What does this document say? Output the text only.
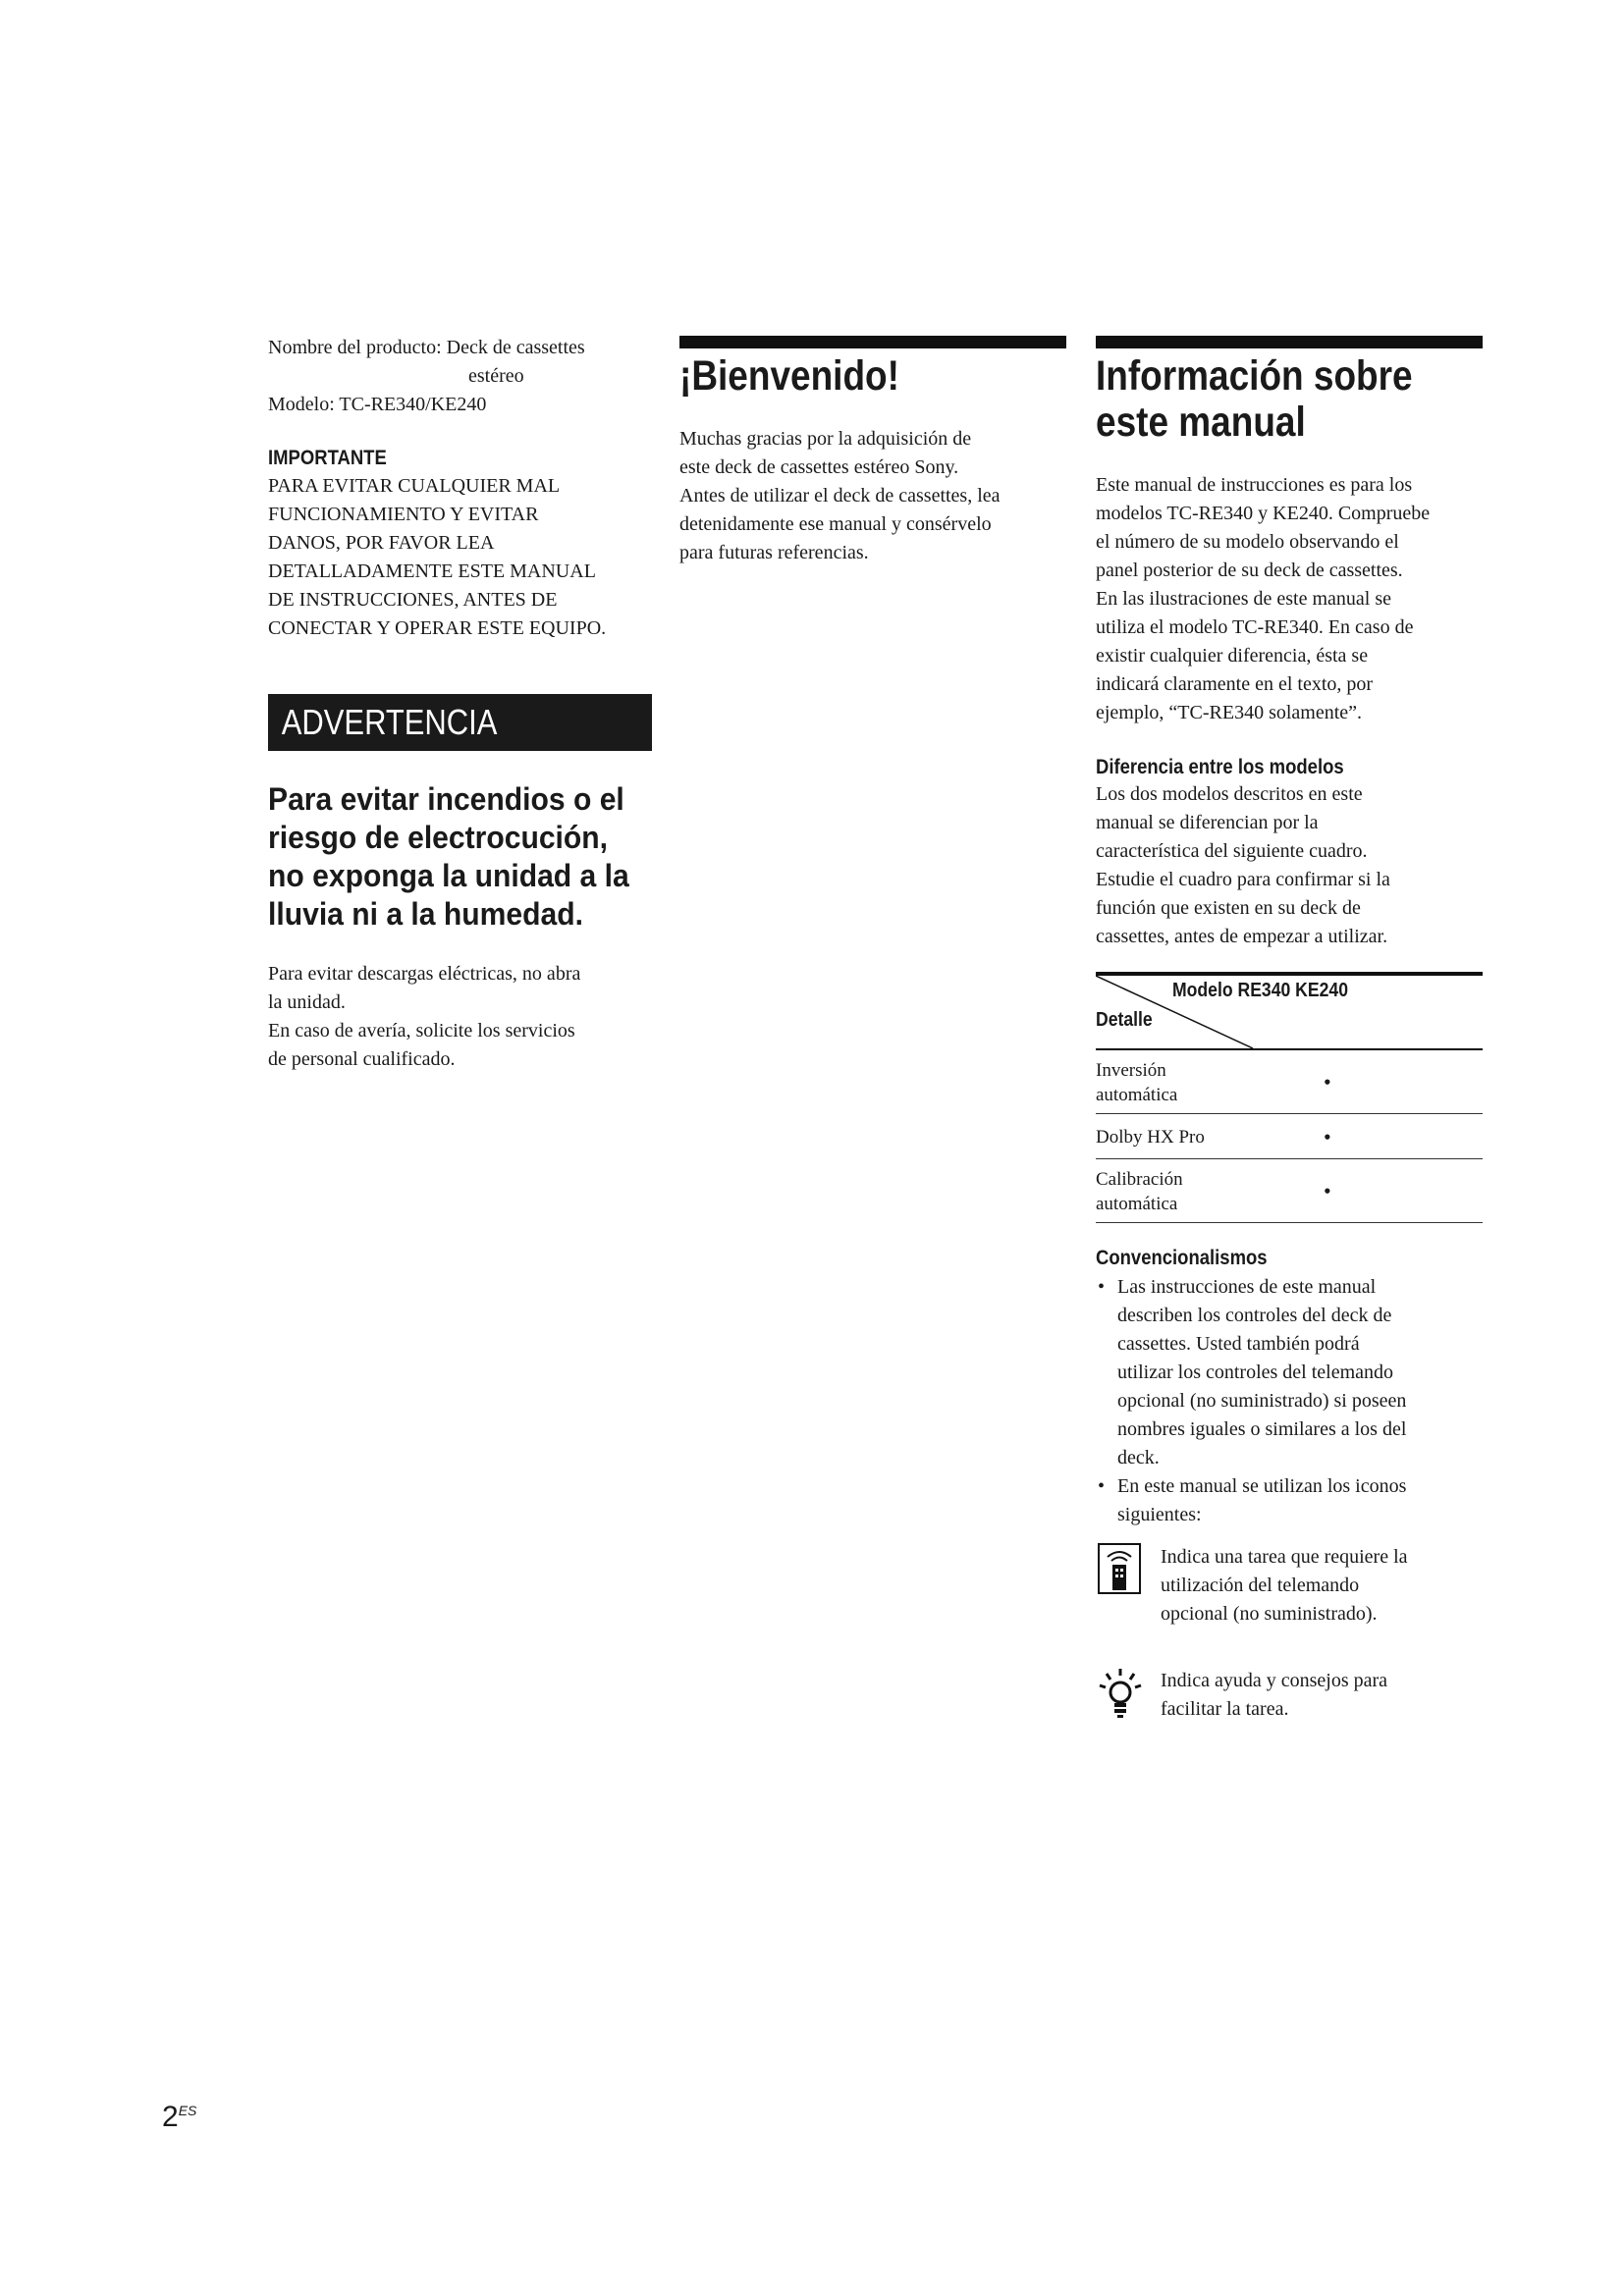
Nombre del producto: Deck de cassettes
estéreo
Modelo: TC-RE340/KE240

IMPORTANTE

PARA EVITAR CUALQUIER MAL
FUNCIONAMIENTO Y EVITAR
DANOS, POR FAVOR LEA
DETALLADAMENTE ESTE MANUAL
DE INSTRUCCIONES, ANTES DE
CONECTAR Y OPERAR ESTE EQUIPO.

ADVERTENCIA
Para evitar incendios o el
riesgo de electrocución,
no exponga la unidad a la
lluvia ni a la humedad.

Para evitar descargas eléctricas, no abra
la unidad.
En caso de avería, solicite los servicios
de personal cualificado.

¡Bienvenido!

Muchas gracias por la adquisición de
este deck de cassettes estéreo Sony.
Antes de utilizar el deck de cassettes, lea
detenidamente ese manual y consérvelo
para futuras referencias.

Información sobre
este manual

Este manual de instrucciones es para los
modelos TC-RE340 y KE240. Compruebe
el número de su modelo observando el
panel posterior de su deck de cassettes.
En las ilustraciones de este manual se
utiliza el modelo TC-RE340. En caso de
existir cualquier diferencia, ésta se
indicará claramente en el texto, por
ejemplo, “TC-RE340 solamente”.

Diferencia entre los modelos

Los dos modelos descritos en este
manual se diferencian por la
característica del siguiente cuadro.
Estudie el cuadro para confirmar si la
función que existen en su deck de
cassettes, antes de empezar a utilizar.

Modelo RE340 KE240
Detalle
Inversión
automática
•
Dolby HX Pro	•
Calibración
automática
•

Convencionalismos

• Las instrucciones de este manual
describen los controles del deck de
cassettes. Usted también podrá
utilizar los controles del telemando
opcional (no suministrado) si poseen
nombres iguales o similares a los del
deck.
• En este manual se utilizan los iconos
siguientes:
Indica una tarea que requiere la
utilización del telemando
opcional (no suministrado).
Indica ayuda y consejos para
facilitar la tarea.
$2^{ES}$
